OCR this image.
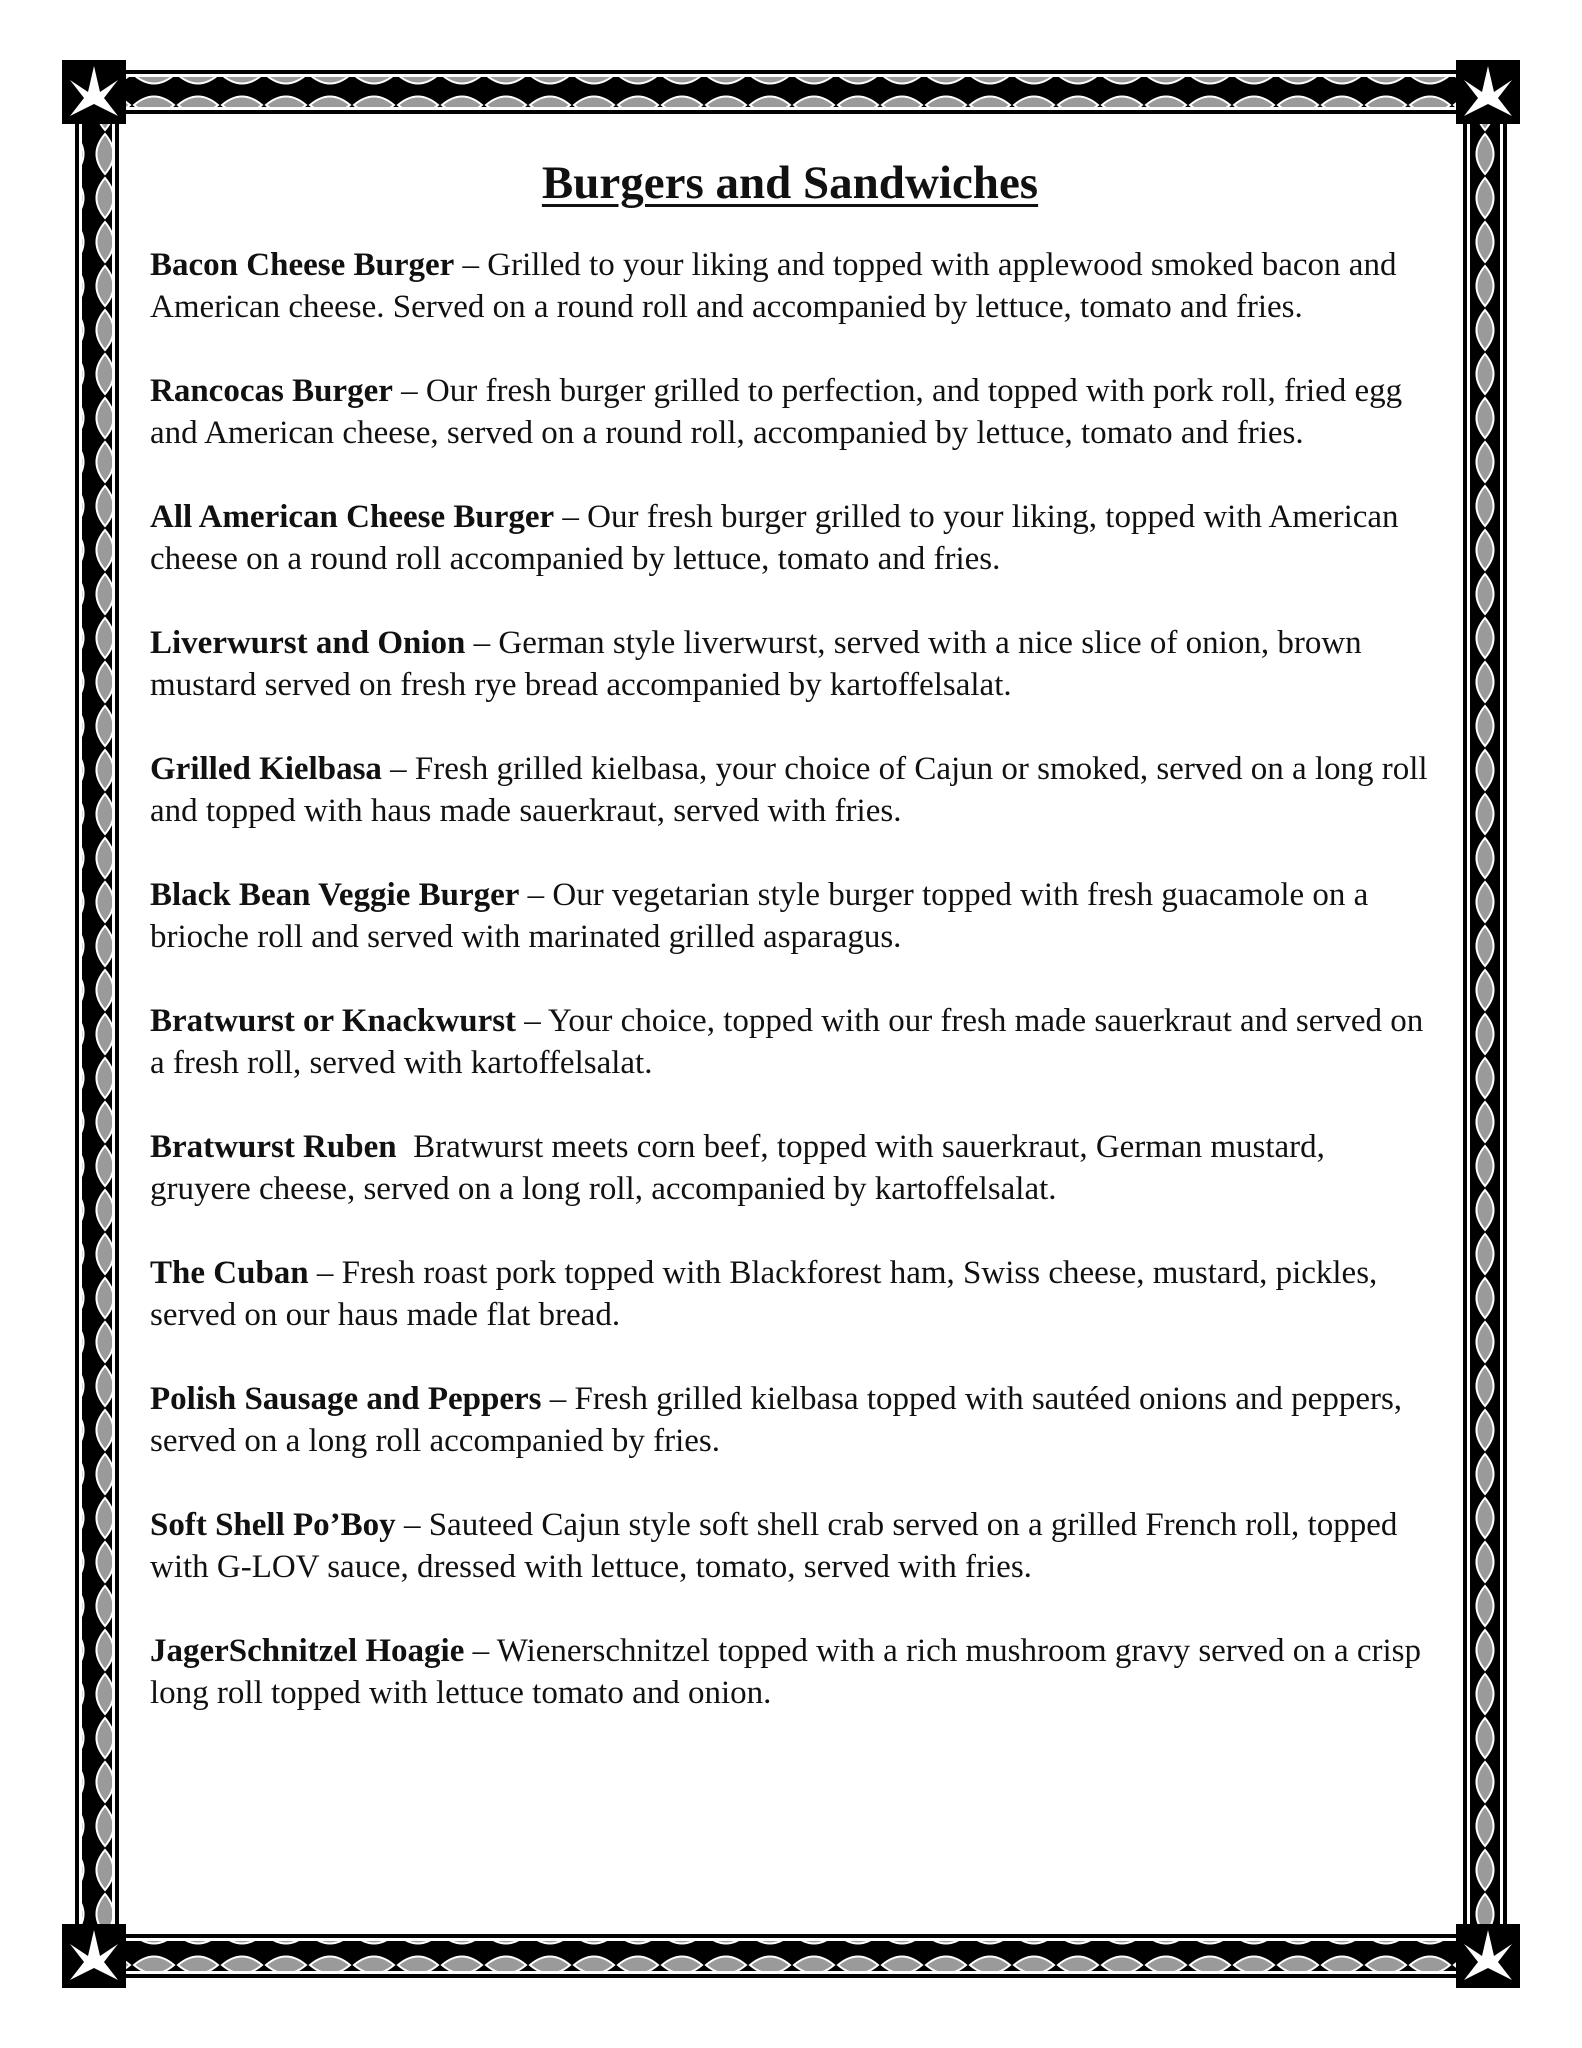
Burgers and Sandwiches

Bacon Cheese Burger – Grilled to your liking and topped with applewood smoked bacon and American cheese. Served on a round roll and accompanied by lettuce, tomato and fries.

Rancocas Burger – Our fresh burger grilled to perfection, and topped with pork roll, fried egg and American cheese, served on a round roll, accompanied by lettuce, tomato and fries.

All American Cheese Burger – Our fresh burger grilled to your liking, topped with American cheese on a round roll accompanied by lettuce, tomato and fries.

Liverwurst and Onion – German style liverwurst, served with a nice slice of onion, brown mustard served on fresh rye bread accompanied by kartoffelsalat.

Grilled Kielbasa – Fresh grilled kielbasa, your choice of Cajun or smoked, served on a long roll and topped with haus made sauerkraut, served with fries.

Black Bean Veggie Burger – Our vegetarian style burger topped with fresh guacamole on a brioche roll and served with marinated grilled asparagus.

Bratwurst or Knackwurst – Your choice, topped with our fresh made sauerkraut and served on a fresh roll, served with kartoffelsalat.

Bratwurst Ruben Bratwurst meets corn beef, topped with sauerkraut, German mustard, gruyere cheese, served on a long roll, accompanied by kartoffelsalat.

The Cuban – Fresh roast pork topped with Blackforest ham, Swiss cheese, mustard, pickles, served on our haus made flat bread.

Polish Sausage and Peppers – Fresh grilled kielbasa topped with sautéed onions and peppers, served on a long roll accompanied by fries.

Soft Shell Po’Boy – Sauteed Cajun style soft shell crab served on a grilled French roll, topped with G-LOV sauce, dressed with lettuce, tomato, served with fries.

JagerSchnitzel Hoagie – Wienerschnitzel topped with a rich mushroom gravy served on a crisp long roll topped with lettuce tomato and onion.
